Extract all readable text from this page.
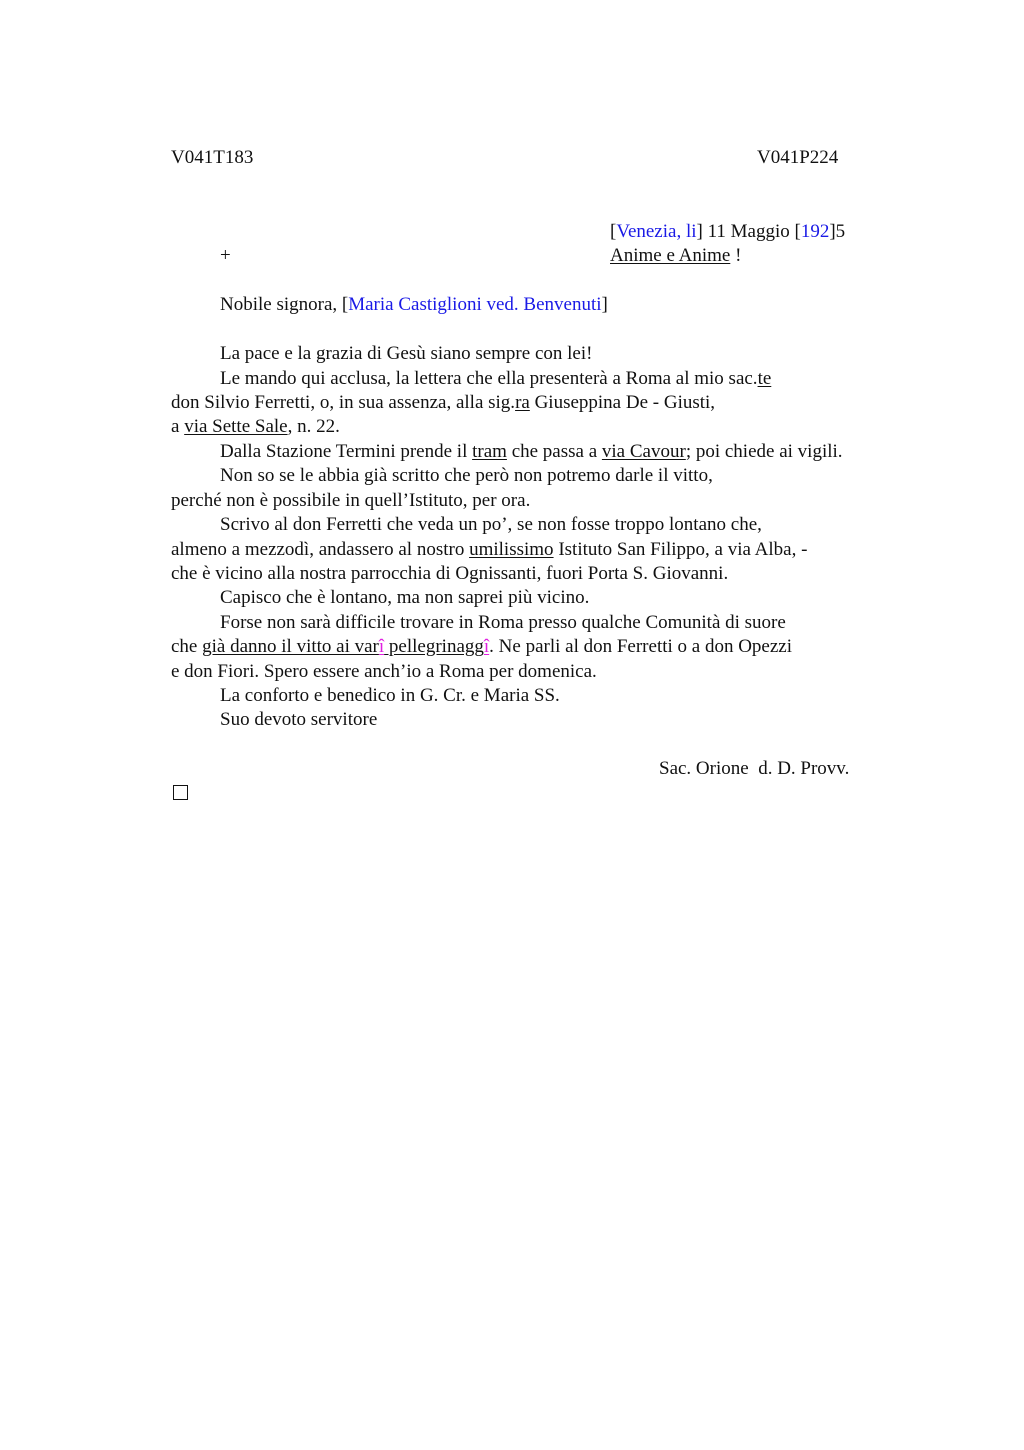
V041T183	V041P224
[Venezia, li] 11 Maggio [192]5
+	Anime e Anime !
Nobile signora, [Maria Castiglioni ved. Benvenuti]
La pace e la grazia di Gesù siano sempre con lei!
Le mando qui acclusa, la lettera che ella presenterà a Roma al mio sac.te
don Silvio Ferretti, o, in sua assenza, alla sig.ra Giuseppina De - Giusti,
a via Sette Sale, n. 22.
Dalla Stazione Termini prende il tram che passa a via Cavour; poi chiede ai vigili.
Non so se le abbia già scritto che però non potremo darle il vitto,
perché non è possibile in quell’Istituto, per ora.
Scrivo al don Ferretti che veda un po’, se non fosse troppo lontano che,
almeno a mezzodì, andassero al nostro umilissimo Istituto San Filippo, a via Alba, -
che è vicino alla nostra parrocchia di Ognissanti, fuori Porta S. Giovanni.
Capisco che è lontano, ma non saprei più vicino.
Forse non sarà difficile trovare in Roma presso qualche Comunità di suore
che già danno il vitto ai varî pellegrinaggî. Ne parli al don Ferretti o a don Opezzi
e don Fiori. Spero essere anch’io a Roma per domenica.
La conforto e benedico in G. Cr. e Maria SS.
Suo devoto servitore
Sac. Orione  d. D. Provv.
